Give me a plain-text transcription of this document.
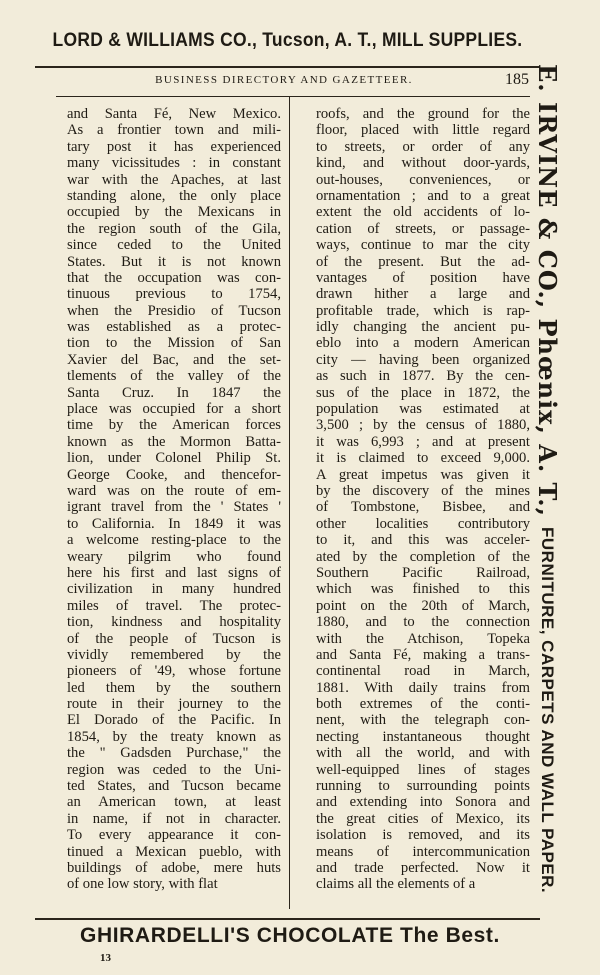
LORD & WILLIAMS CO., Tucson, A. T., MILL SUPPLIES.
BUSINESS DIRECTORY AND GAZETTEER.	185
and Santa Fé, New Mexico.
As a frontier town and mili-
tary post it has experienced
many vicissitudes : in constant
war with the Apaches, at last
standing alone, the only place
occupied by the Mexicans in
the region south of the Gila,
since ceded to the United
States. But it is not known
that the occupation was con-
tinuous previous to 1754,
when the Presidio of Tucson
was established as a protec-
tion to the Mission of San
Xavier del Bac, and the set-
tlements of the valley of the
Santa Cruz. In 1847 the
place was occupied for a short
time by the American forces
known as the Mormon Batta-
lion, under Colonel Philip St.
George Cooke, and thencefor-
ward was on the route of em-
igrant travel from the ' States '
to California. In 1849 it was
a welcome resting-place to the
weary pilgrim who found
here his first and last signs of
civilization in many hundred
miles of travel. The protec-
tion, kindness and hospitality
of the people of Tucson is
vividly remembered by the
pioneers of '49, whose fortune
led them by the southern
route in their journey to the
El Dorado of the Pacific. In
1854, by the treaty known as
the " Gadsden Purchase," the
region was ceded to the Uni-
ted States, and Tucson became
an American town, at least
in name, if not in character.
To every appearance it con-
tinued a Mexican pueblo, with
buildings of adobe, mere huts
of one low story, with flat
roofs, and the ground for the
floor, placed with little regard
to streets, or order of any
kind, and without door-yards,
out-houses, conveniences, or
ornamentation ; and to a great
extent the old accidents of lo-
cation of streets, or passage-
ways, continue to mar the city
of the present. But the ad-
vantages of position have
drawn hither a large and
profitable trade, which is rap-
idly changing the ancient pu-
eblo into a modern American
city — having been organized
as such in 1877. By the cen-
sus of the place in 1872, the
population was estimated at
3,500 ; by the census of 1880,
it was 6,993 ; and at present
it is claimed to exceed 9,000.
A great impetus was given it
by the discovery of the mines
of Tombstone, Bisbee, and
other localities contributory
to it, and this was acceler-
ated by the completion of the
Southern Pacific Railroad,
which was finished to this
point on the 20th of March,
1880, and to the connection
with the Atchison, Topeka
and Santa Fé, making a trans-
continental road in March,
1881. With daily trains from
both extremes of the conti-
nent, with the telegraph con-
necting instantaneous thought
with all the world, and with
well-equipped lines of stages
running to surrounding points
and extending into Sonora and
the great cities of Mexico, its
isolation is removed, and its
means of intercommunication
and trade perfected. Now it
claims all the elements of a
E. IRVINE & CO., Phœnix, A. T., FURNITURE, CARPETS AND WALL PAPER.
GHIRARDELLI'S CHOCOLATE The Best.
13
